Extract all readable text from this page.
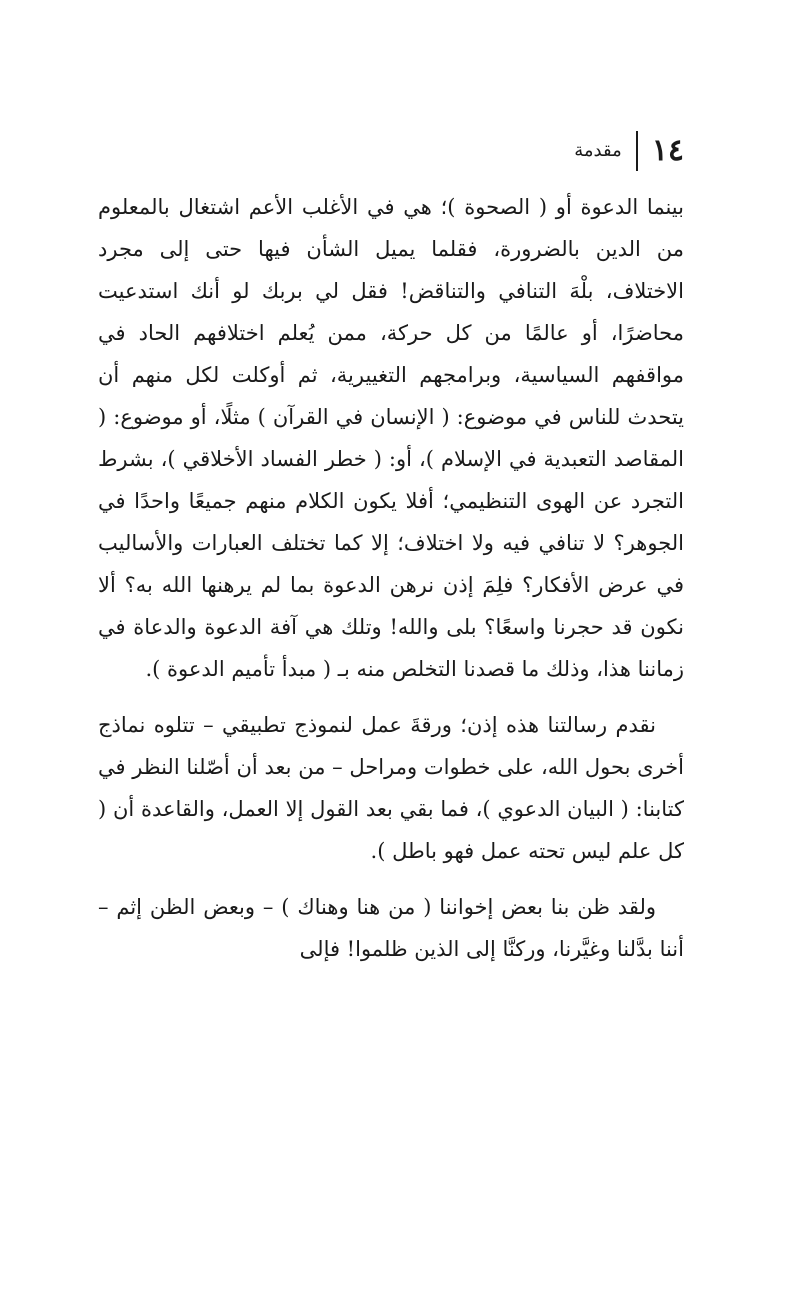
١٤
مقدمة

بينما الدعوة أو ( الصحوة )؛ هي في الأغلب الأعم اشتغال بالمعلوم من الدين بالضرورة، فقلما يميل الشأن فيها حتى إلى مجرد الاختلاف، بلْهَ التنافي والتناقض! فقل لي بربك لو أنك استدعيت محاضرًا، أو عالمًا من كل حركة، ممن يُعلم اختلافهم الحاد في مواقفهم السياسية، وبرامجهم التغييرية، ثم أوكلت لكل منهم أن يتحدث للناس في موضوع: ( الإنسان في القرآن ) مثلًا، أو موضوع: ( المقاصد التعبدية في الإسلام )، أو: ( خطر الفساد الأخلاقي )، بشرط التجرد عن الهوى التنظيمي؛ أفلا يكون الكلام منهم جميعًا واحدًا في الجوهر؟ لا تنافي فيه ولا اختلاف؛ إلا كما تختلف العبارات والأساليب في عرض الأفكار؟ فلِمَ إذن نرهن الدعوة بما لم يرهنها الله به؟ ألا نكون قد حجرنا واسعًا؟ بلى والله! وتلك هي آفة الدعوة والدعاة في زماننا هذا، وذلك ما قصدنا التخلص منه بـ ( مبدأ تأميم الدعوة ).

نقدم رسالتنا هذه إذن؛ ورقةَ عمل لنموذج تطبيقي – تتلوه نماذج أخرى بحول الله، على خطوات ومراحل – من بعد أن أصّلنا النظر في كتابنا: ( البيان الدعوي )، فما بقي بعد القول إلا العمل، والقاعدة أن ( كل علم ليس تحته عمل فهو باطل ).

ولقد ظن بنا بعض إخواننا ( من هنا وهناك ) – وبعض الظن إثم – أننا بدَّلنا وغيَّرنا، وركنَّا إلى الذين ظلموا! فإلى
